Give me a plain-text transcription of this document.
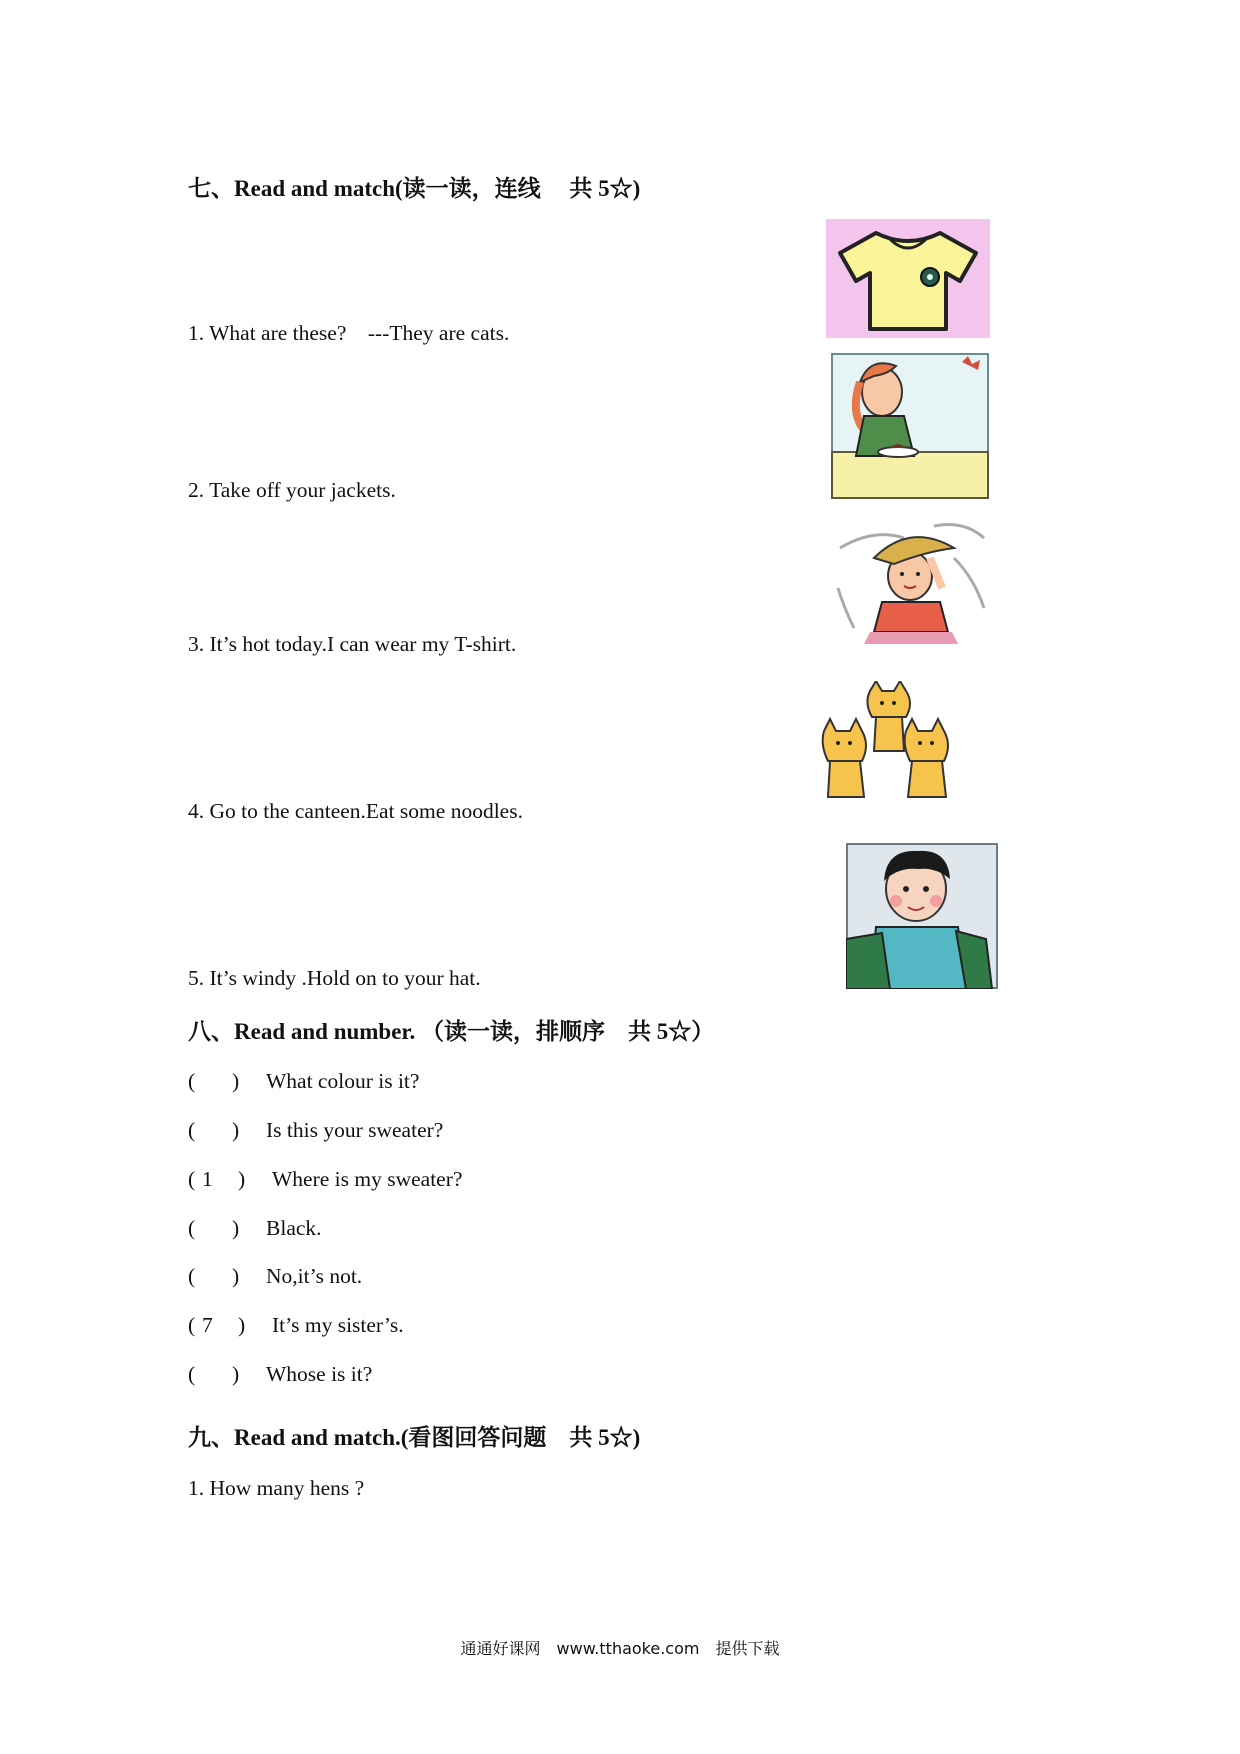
七、Read and match(读一读，连线　 共 5☆)
1. What are these?　---They are cats.
2. Take off your jackets.
3. It’s hot today.I can wear my T-shirt.
4. Go to the canteen.Eat some noodles.
5. It’s windy .Hold on to your hat.
八、Read and number. （读一读，排顺序　共 5☆）
( ) What colour is it?
( ) Is this your sweater?
( 1 ) Where is my sweater?
( ) Black.
( ) No,it’s not.
( 7 ) It’s my sister’s.
( ) Whose is it?
九、Read and match.(看图回答问题　共 5☆)
1. How many hens ?
通通好课网　www.tthaoke.com　提供下载
